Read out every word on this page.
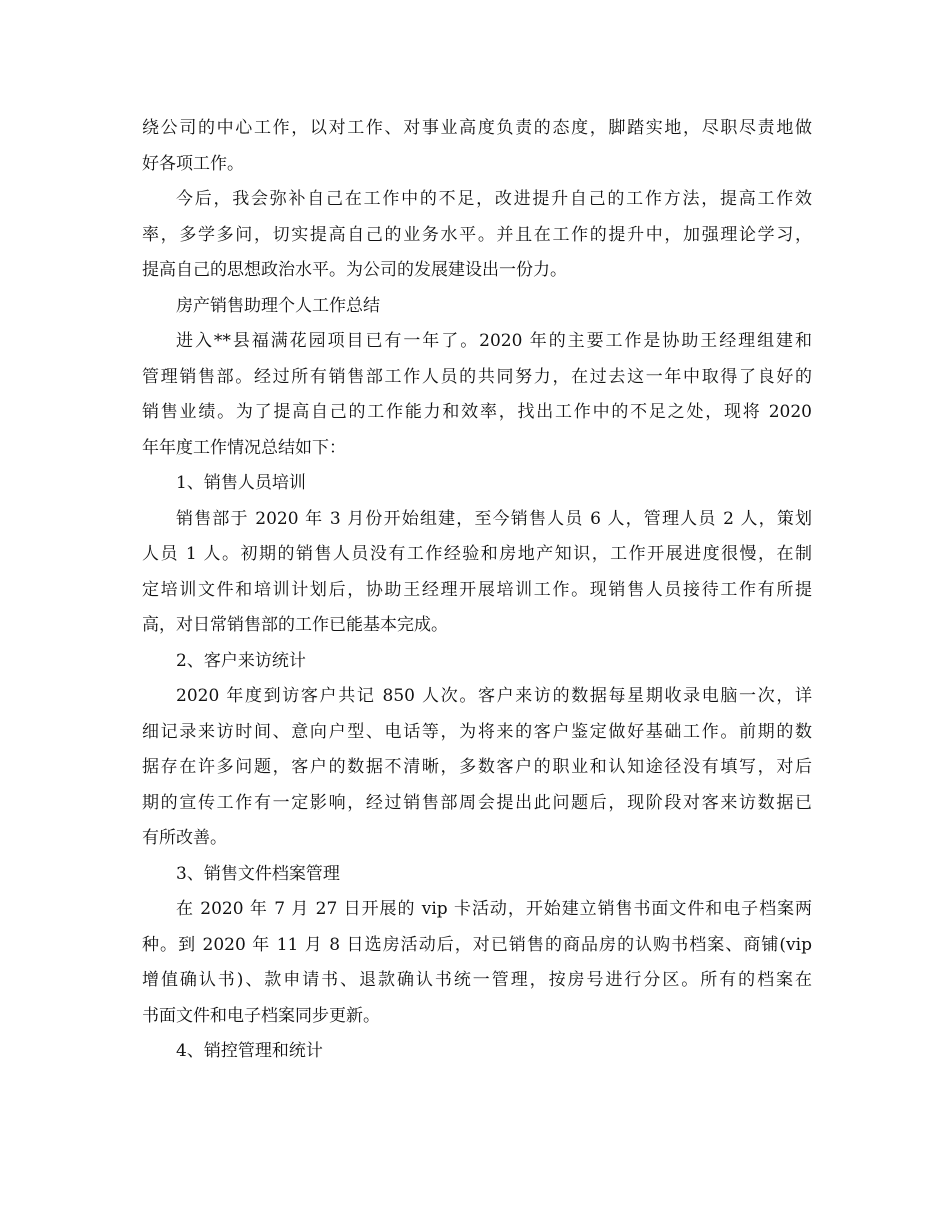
绕公司的中心工作，以对工作、对事业高度负责的态度，脚踏实地，尽职尽责地做
好各项工作。
今后，我会弥补自己在工作中的不足，改进提升自己的工作方法，提高工作效
率，多学多问，切实提高自己的业务水平。并且在工作的提升中，加强理论学习，
提高自己的思想政治水平。为公司的发展建设出一份力。
房产销售助理个人工作总结
进入**县福满花园项目已有一年了。2020 年的主要工作是协助王经理组建和
管理销售部。经过所有销售部工作人员的共同努力，在过去这一年中取得了良好的
销售业绩。为了提高自己的工作能力和效率，找出工作中的不足之处，现将 2020
年年度工作情况总结如下：
1、销售人员培训
销售部于 2020 年 3 月份开始组建，至今销售人员 6 人，管理人员 2 人，策划
人员 1 人。初期的销售人员没有工作经验和房地产知识，工作开展进度很慢，在制
定培训文件和培训计划后，协助王经理开展培训工作。现销售人员接待工作有所提
高，对日常销售部的工作已能基本完成。
2、客户来访统计
2020 年度到访客户共记 850 人次。客户来访的数据每星期收录电脑一次，详
细记录来访时间、意向户型、电话等，为将来的客户鉴定做好基础工作。前期的数
据存在许多问题，客户的数据不清晰，多数客户的职业和认知途径没有填写，对后
期的宣传工作有一定影响，经过销售部周会提出此问题后，现阶段对客来访数据已
有所改善。
3、销售文件档案管理
在 2020 年 7 月 27 日开展的 vip 卡活动，开始建立销售书面文件和电子档案两
种。到 2020 年 11 月 8 日选房活动后，对已销售的商品房的认购书档案、商铺(vip
增值确认书)、款申请书、退款确认书统一管理，按房号进行分区。所有的档案在
书面文件和电子档案同步更新。
4、销控管理和统计
